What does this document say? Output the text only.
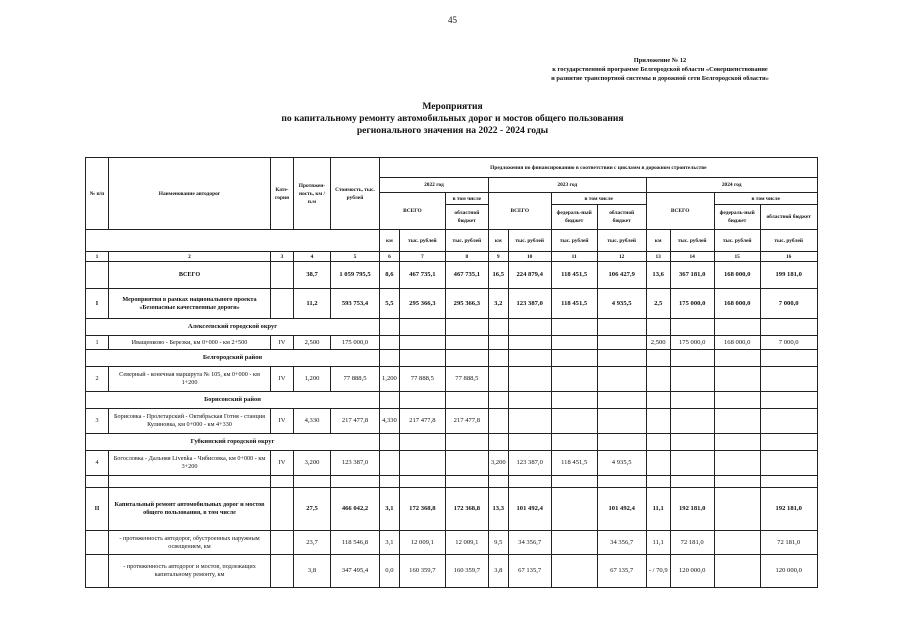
45
Приложение № 12
к государственной программе Белгородской области «Совершенствование
и развитие транспортной системы и дорожной сети Белгородской области»
Мероприятия
по капитальному ремонту автомобильных дорог и мостов общего пользования
регионального значения на 2022 - 2024 годы
№ п/п	Наименование автодорог	Кате-гория	Протяжен-ность, км / п.м	Стоимость, тыс. рублей	Предложения по финансированию в соответствии с цикламм в дорожном строительстве										
					2022 год			2023 год				2024 год			
					ВСЕГО		в том числе	ВСЕГО		в том числе		ВСЕГО		в том числе	
							областной бюджет			федераль-ный бюджет	областной бюджет			федераль-ный бюджет	областной бюджет
					км	тыс. рублей	тыс. рублей	км	тыс. рублей	тыс. рублей	тыс. рублей	км	тыс. рублей	тыс. рублей	тыс. рублей
1	2	3	4	5	6	7	8	9	10	11	12	13	14	15	16
	ВСЕГО		38,7	1 059 795,5	8,6	467 735,1	467 735,1	16,5	224 879,4	118 451,5	106 427,9	13,6	367 181,0	168 000,0	199 181,0
I	Мероприятия в рамках национального проекта «Безопасные качественные дороги»		11,2	593 753,4	5,5	295 366,3	295 366,3	3,2	123 387,0	118 451,5	4 935,5	2,5	175 000,0	168 000,0	7 000,0
Алексеевский городской округ															
1	Иващенково - Березки, км 0+000 - км 2+500	IV	2,500	175 000,0								2,500	175 000,0	168 000,0	7 000,0
Белгородский район															
2	Северный - конечная маршрута № 105, км 0+000 - км 1+200	IV	1,200	77 888,5	1,200	77 888,5	77 888,5								
Борисовский район															
3	Борисовка - Пролетарский - Октябрьская Готня - станция Кулиновка, км 0+000 - км 4+330	IV	4,330	217 477,8	4,330	217 477,8	217 477,8								
Губкинский городской округ															
4	Богословка - Дальняя Livenka - Чибисовка, км 0+000 - км 3+200	IV	3,200	123 387,0				3,200	123 387,0	118 451,5	4 935,5				

II	Капитальный ремонт автомобильных дорог и мостов общего пользования, в том числе		27,5	466 042,2	3,1	172 368,8	172 368,8	13,3	101 492,4		101 492,4	11,1	192 181,0		192 181,0
	- протяженность автодорог, обустроенных наружным освещением, км		23,7	118 546,8	3,1	12 009,1	12 009,1	9,5	34 356,7		34 356,7	11,1	72 181,0		72 181,0
	- протяженность автодорог и мостов, подлежащих капитальному ремонту, км		3,8	347 495,4	0,0	160 359,7	160 359,7	3,8	67 135,7		67 135,7	- / 70,9	120 000,0		120 000,0
